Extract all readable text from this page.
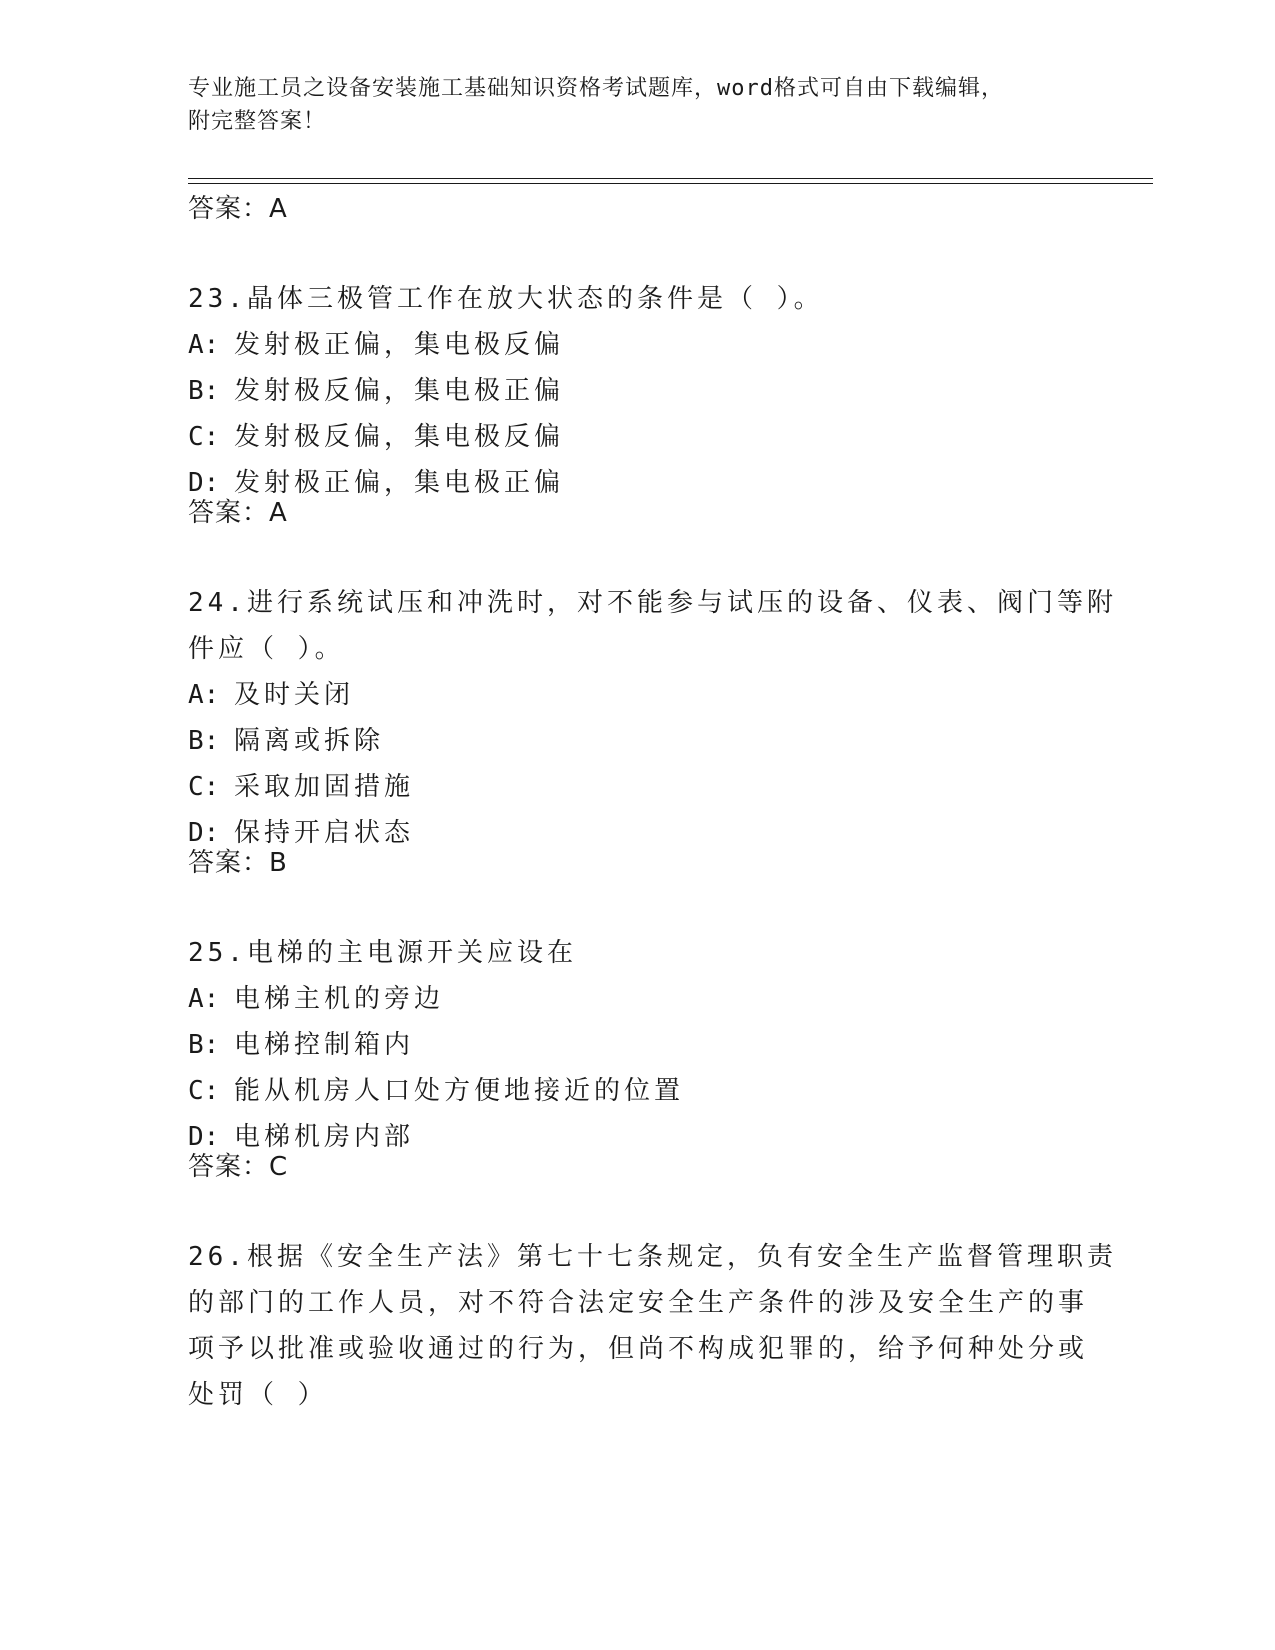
专业施工员之设备安装施工基础知识资格考试题库，word格式可自由下载编辑，
附完整答案！
答案：A
23.晶体三极管工作在放大状态的条件是（ ）。
A: 发射极正偏，集电极反偏
B: 发射极反偏，集电极正偏
C: 发射极反偏，集电极反偏
D: 发射极正偏，集电极正偏
答案：A
24.进行系统试压和冲洗时，对不能参与试压的设备、仪表、阀门等附
件应（ ）。
A: 及时关闭
B: 隔离或拆除
C: 采取加固措施
D: 保持开启状态
答案：B
25.电梯的主电源开关应设在
A: 电梯主机的旁边
B: 电梯控制箱内
C: 能从机房人口处方便地接近的位置
D: 电梯机房内部
答案：C
26.根据《安全生产法》第七十七条规定，负有安全生产监督管理职责
的部门的工作人员，对不符合法定安全生产条件的涉及安全生产的事
项予以批准或验收通过的行为，但尚不构成犯罪的，给予何种处分或
处罚（ ）
